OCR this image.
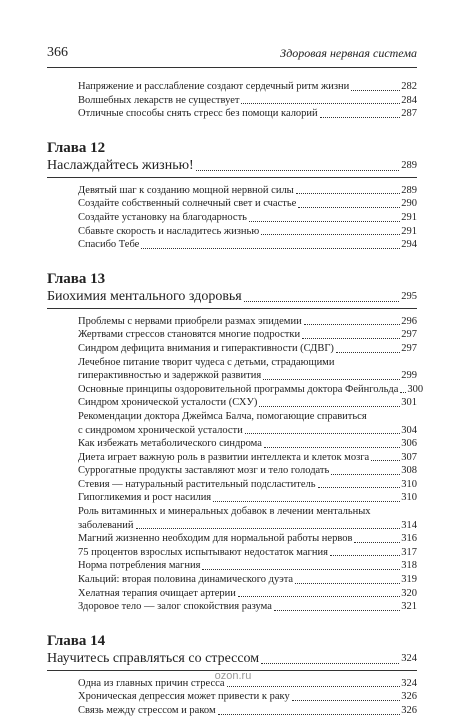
366	Здоровая нервная система
Напряжение и расслабление создают сердечный ритм жизни	282
Волшебных лекарств не существует	284
Отличные способы снять стресс без помощи калорий	287
Глава 12
Наслаждайтесь жизнью!	289
Девятый шаг к созданию мощной нервной силы	289
Создайте собственный солнечный свет и счастье	290
Создайте установку на благодарность	291
Сбавьте скорость и насладитесь жизнью	291
Спасибо Тебе	294
Глава 13
Биохимия ментального здоровья	295
Проблемы с нервами приобрели размах эпидемии	296
Жертвами стрессов становятся многие подростки	297
Синдром дефицита внимания и гиперактивности (СДВГ)	297
Лечебное питание творит чудеса с детьми, страдающими
гиперактивностью и задержкой развития	299
Основные принципы оздоровительной программы доктора Фейнгольда 300
Синдром хронической усталости (СХУ)	301
Рекомендации доктора Джеймса Балча, помогающие справиться
с синдромом хронической усталости	304
Как избежать метаболического синдрома	306
Диета играет важную роль в развитии интеллекта и клеток мозга	307
Суррогатные продукты заставляют мозг и тело голодать	308
Стевия — натуральный растительный подсластитель	310
Гипогликемия и рост насилия	310
Роль витаминных и минеральных добавок в лечении ментальных
заболеваний	314
Магний жизненно необходим для нормальной работы нервов	316
75 процентов взрослых испытывают недостаток магния	317
Норма потребления магния	318
Кальций: вторая половина динамического дуэта	319
Хелатная терапия очищает артерии	320
Здоровое тело — залог спокойствия разума	321
Глава 14
Научитесь справляться со стрессом	324
Одна из главных причин стресса	324
Хроническая депрессия может привести к раку	326
Связь между стрессом и раком	326
ozon.ru
